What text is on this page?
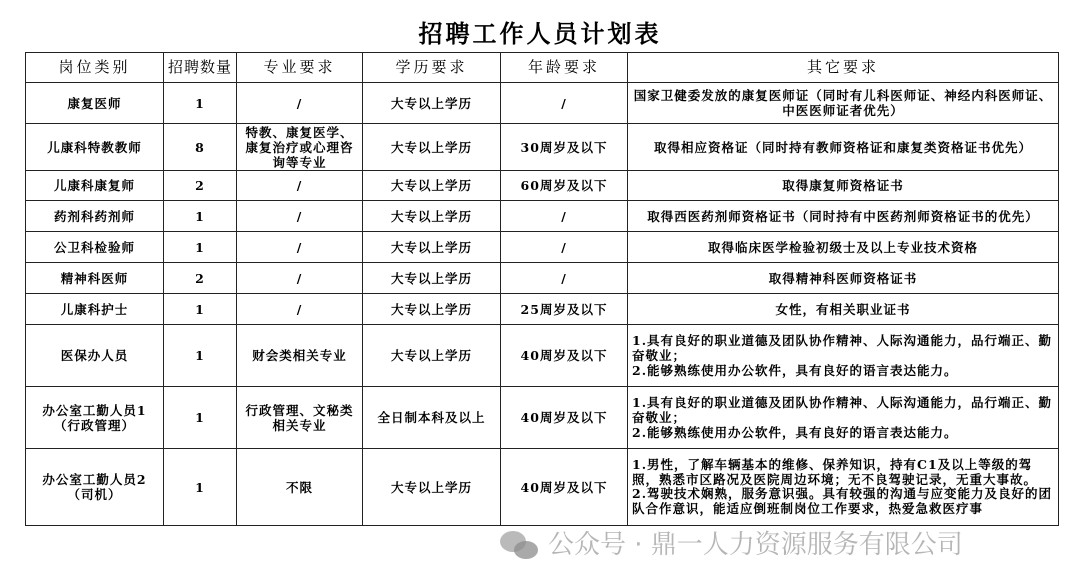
招聘工作人员计划表
岗位类别	招聘数量	专业要求	学历要求	年龄要求	其它要求
康复医师	1	/	大专以上学历	/	国家卫健委发放的康复医师证（同时有儿科医师证、神经内科医师证、中医医师证者优先）
儿康科特教教师	8	特教、康复医学、康复治疗或心理咨询等专业	大专以上学历	30周岁及以下	取得相应资格证（同时持有教师资格证和康复类资格证书优先）
儿康科康复师	2	/	大专以上学历	60周岁及以下	取得康复师资格证书
药剂科药剂师	1	/	大专以上学历	/	取得西医药剂师资格证书（同时持有中医药剂师资格证书的优先）
公卫科检验师	1	/	大专以上学历	/	取得临床医学检验初级士及以上专业技术资格
精神科医师	2	/	大专以上学历	/	取得精神科医师资格证书
儿康科护士	1	/	大专以上学历	25周岁及以下	女性，有相关职业证书
医保办人员	1	财会类相关专业	大专以上学历	40周岁及以下	1.具有良好的职业道德及团队协作精神、人际沟通能力，品行端正、勤奋敬业；
2.能够熟练使用办公软件，具有良好的语言表达能力。
办公室工勤人员1（行政管理）	1	行政管理、文秘类相关专业	全日制本科及以上	40周岁及以下	1.具有良好的职业道德及团队协作精神、人际沟通能力，品行端正、勤奋敬业；
2.能够熟练使用办公软件，具有良好的语言表达能力。
办公室工勤人员2（司机）	1	不限	大专以上学历	40周岁及以下	1.男性，了解车辆基本的维修、保养知识，持有C1及以上等级的驾照，熟悉市区路况及医院周边环境；无不良驾驶记录，无重大事故。
2.驾驶技术娴熟，服务意识强。具有较强的沟通与应变能力及良好的团队合作意识，能适应倒班制岗位工作要求，热爱急救医疗事
公众号 · 鼎一人力资源服务有限公司
